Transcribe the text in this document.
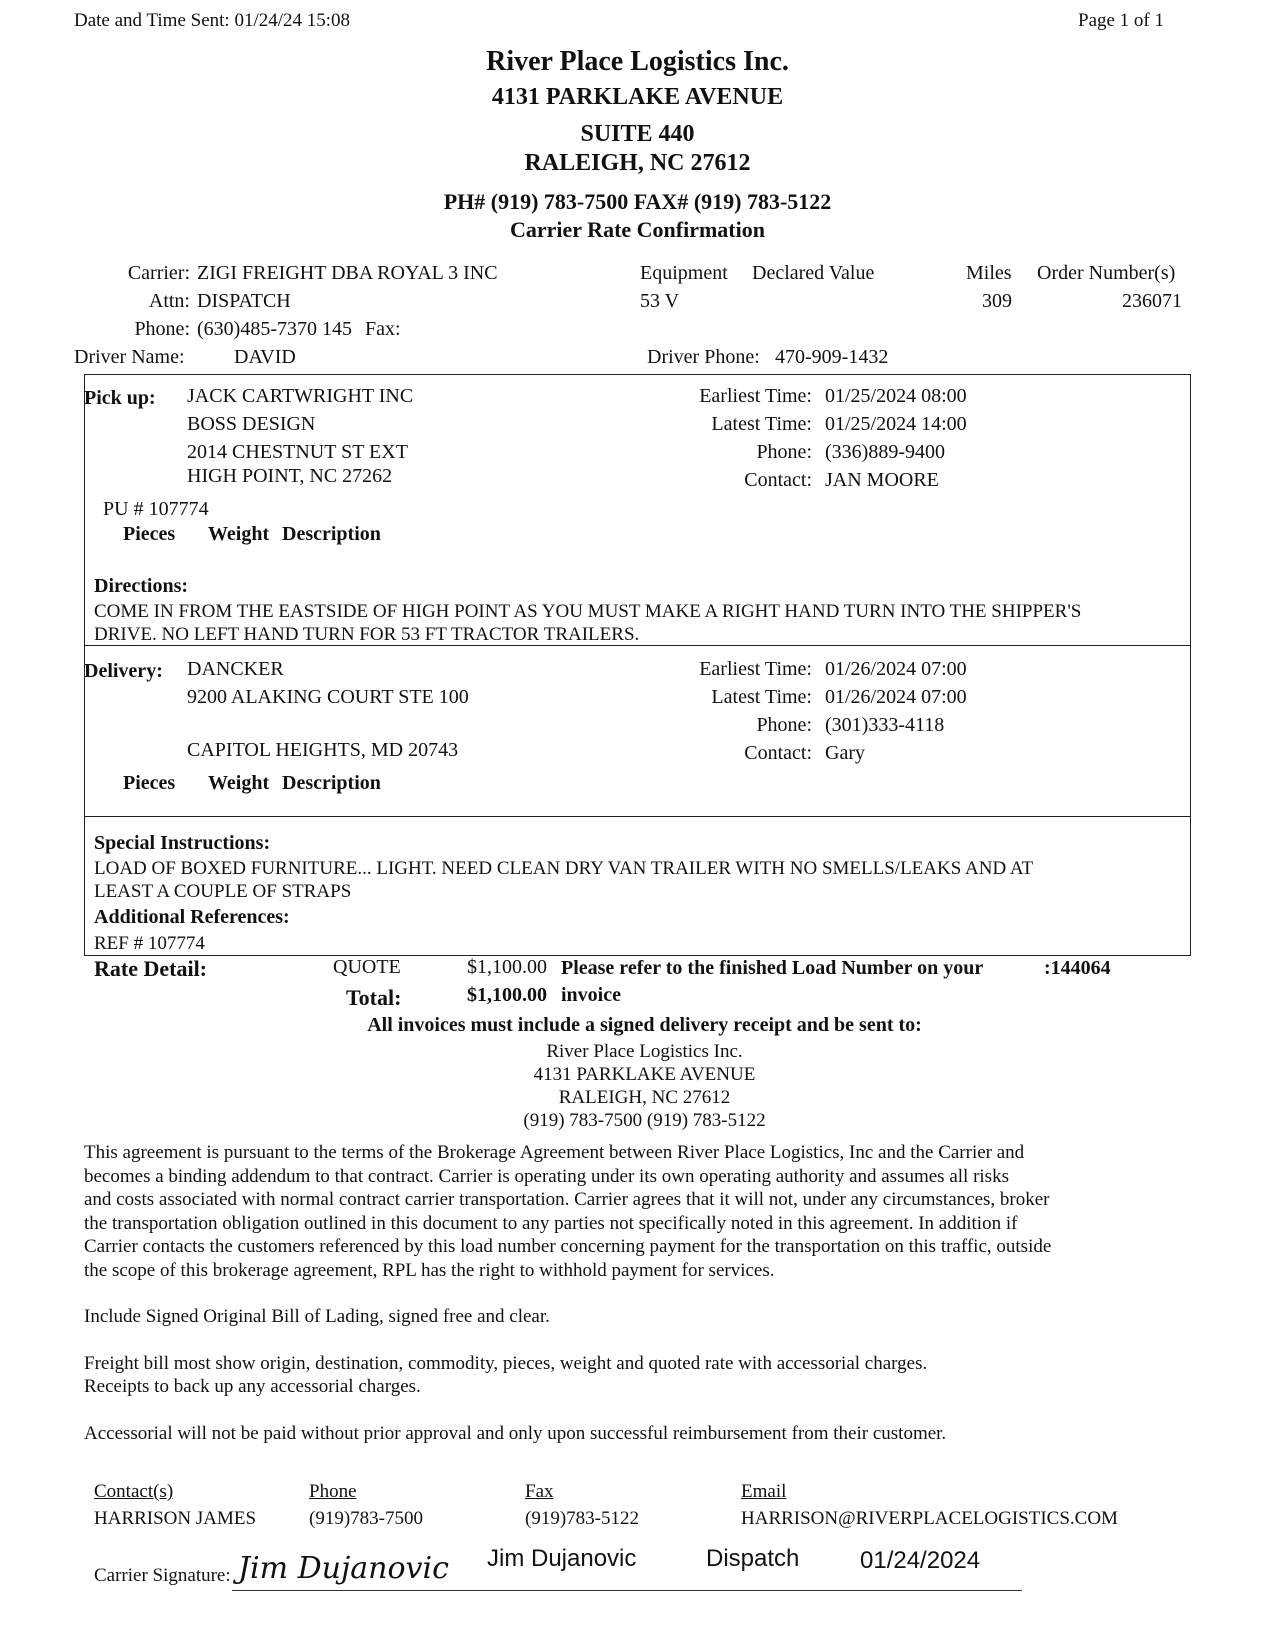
Date and Time Sent: 01/24/24 15:08	Page 1 of 1
River Place Logistics Inc.
4131 PARKLAKE AVENUE
SUITE 440
RALEIGH, NC 27612
PH# (919) 783-7500 FAX# (919) 783-5122
Carrier Rate Confirmation
Carrier: ZIGI FREIGHT DBA ROYAL 3 INC
Attn: DISPATCH
Phone: (630)485-7370 145 Fax:
Equipment Declared Value	Miles Order Number(s)
53 V	309	236071
Driver Name: DAVID	Driver Phone: 470-909-1432
Pick up: JACK CARTWRIGHT INC
BOSS DESIGN
2014 CHESTNUT ST EXT
HIGH POINT, NC 27262
Earliest Time: 01/25/2024 08:00
Latest Time: 01/25/2024 14:00
Phone: (336)889-9400
Contact: JAN MOORE
PU # 107774
Pieces Weight Description
Directions:
COME IN FROM THE EASTSIDE OF HIGH POINT AS YOU MUST MAKE A RIGHT HAND TURN INTO THE SHIPPER'S
DRIVE. NO LEFT HAND TURN FOR 53 FT TRACTOR TRAILERS.
Delivery: DANCKER
9200 ALAKING COURT STE 100
CAPITOL HEIGHTS, MD 20743
Earliest Time: 01/26/2024 07:00
Latest Time: 01/26/2024 07:00
Phone: (301)333-4118
Contact: Gary
Pieces Weight Description
Special Instructions:
LOAD OF BOXED FURNITURE... LIGHT. NEED CLEAN DRY VAN TRAILER WITH NO SMELLS/LEAKS AND AT
LEAST A COUPLE OF STRAPS
Additional References:
REF # 107774
Rate Detail:	QUOTE	$1,100.00
Total:	$1,100.00
Please refer to the finished Load Number on your
invoice
:144064
All invoices must include a signed delivery receipt and be sent to:
River Place Logistics Inc.
4131 PARKLAKE AVENUE
RALEIGH, NC 27612
(919) 783-7500 (919) 783-5122
This agreement is pursuant to the terms of the Brokerage Agreement between River Place Logistics, Inc and the Carrier and
becomes a binding addendum to that contract. Carrier is operating under its own operating authority and assumes all risks
and costs associated with normal contract carrier transportation. Carrier agrees that it will not, under any circumstances, broker
the transportation obligation outlined in this document to any parties not specifically noted in this agreement. In addition if
Carrier contacts the customers referenced by this load number concerning payment for the transportation on this traffic, outside
the scope of this brokerage agreement, RPL has the right to withhold payment for services.
Include Signed Original Bill of Lading, signed free and clear.
Freight bill most show origin, destination, commodity, pieces, weight and quoted rate with accessorial charges.
Receipts to back up any accessorial charges.
Accessorial will not be paid without prior approval and only upon successful reimbursement from their customer.
Contact(s)	Phone	Fax	Email
HARRISON JAMES	(919)783-7500	(919)783-5122	HARRISON@RIVERPLACELOGISTICS.COM
Carrier Signature: Jim Dujanovic Jim Dujanovic	Dispatch	01/24/2024
